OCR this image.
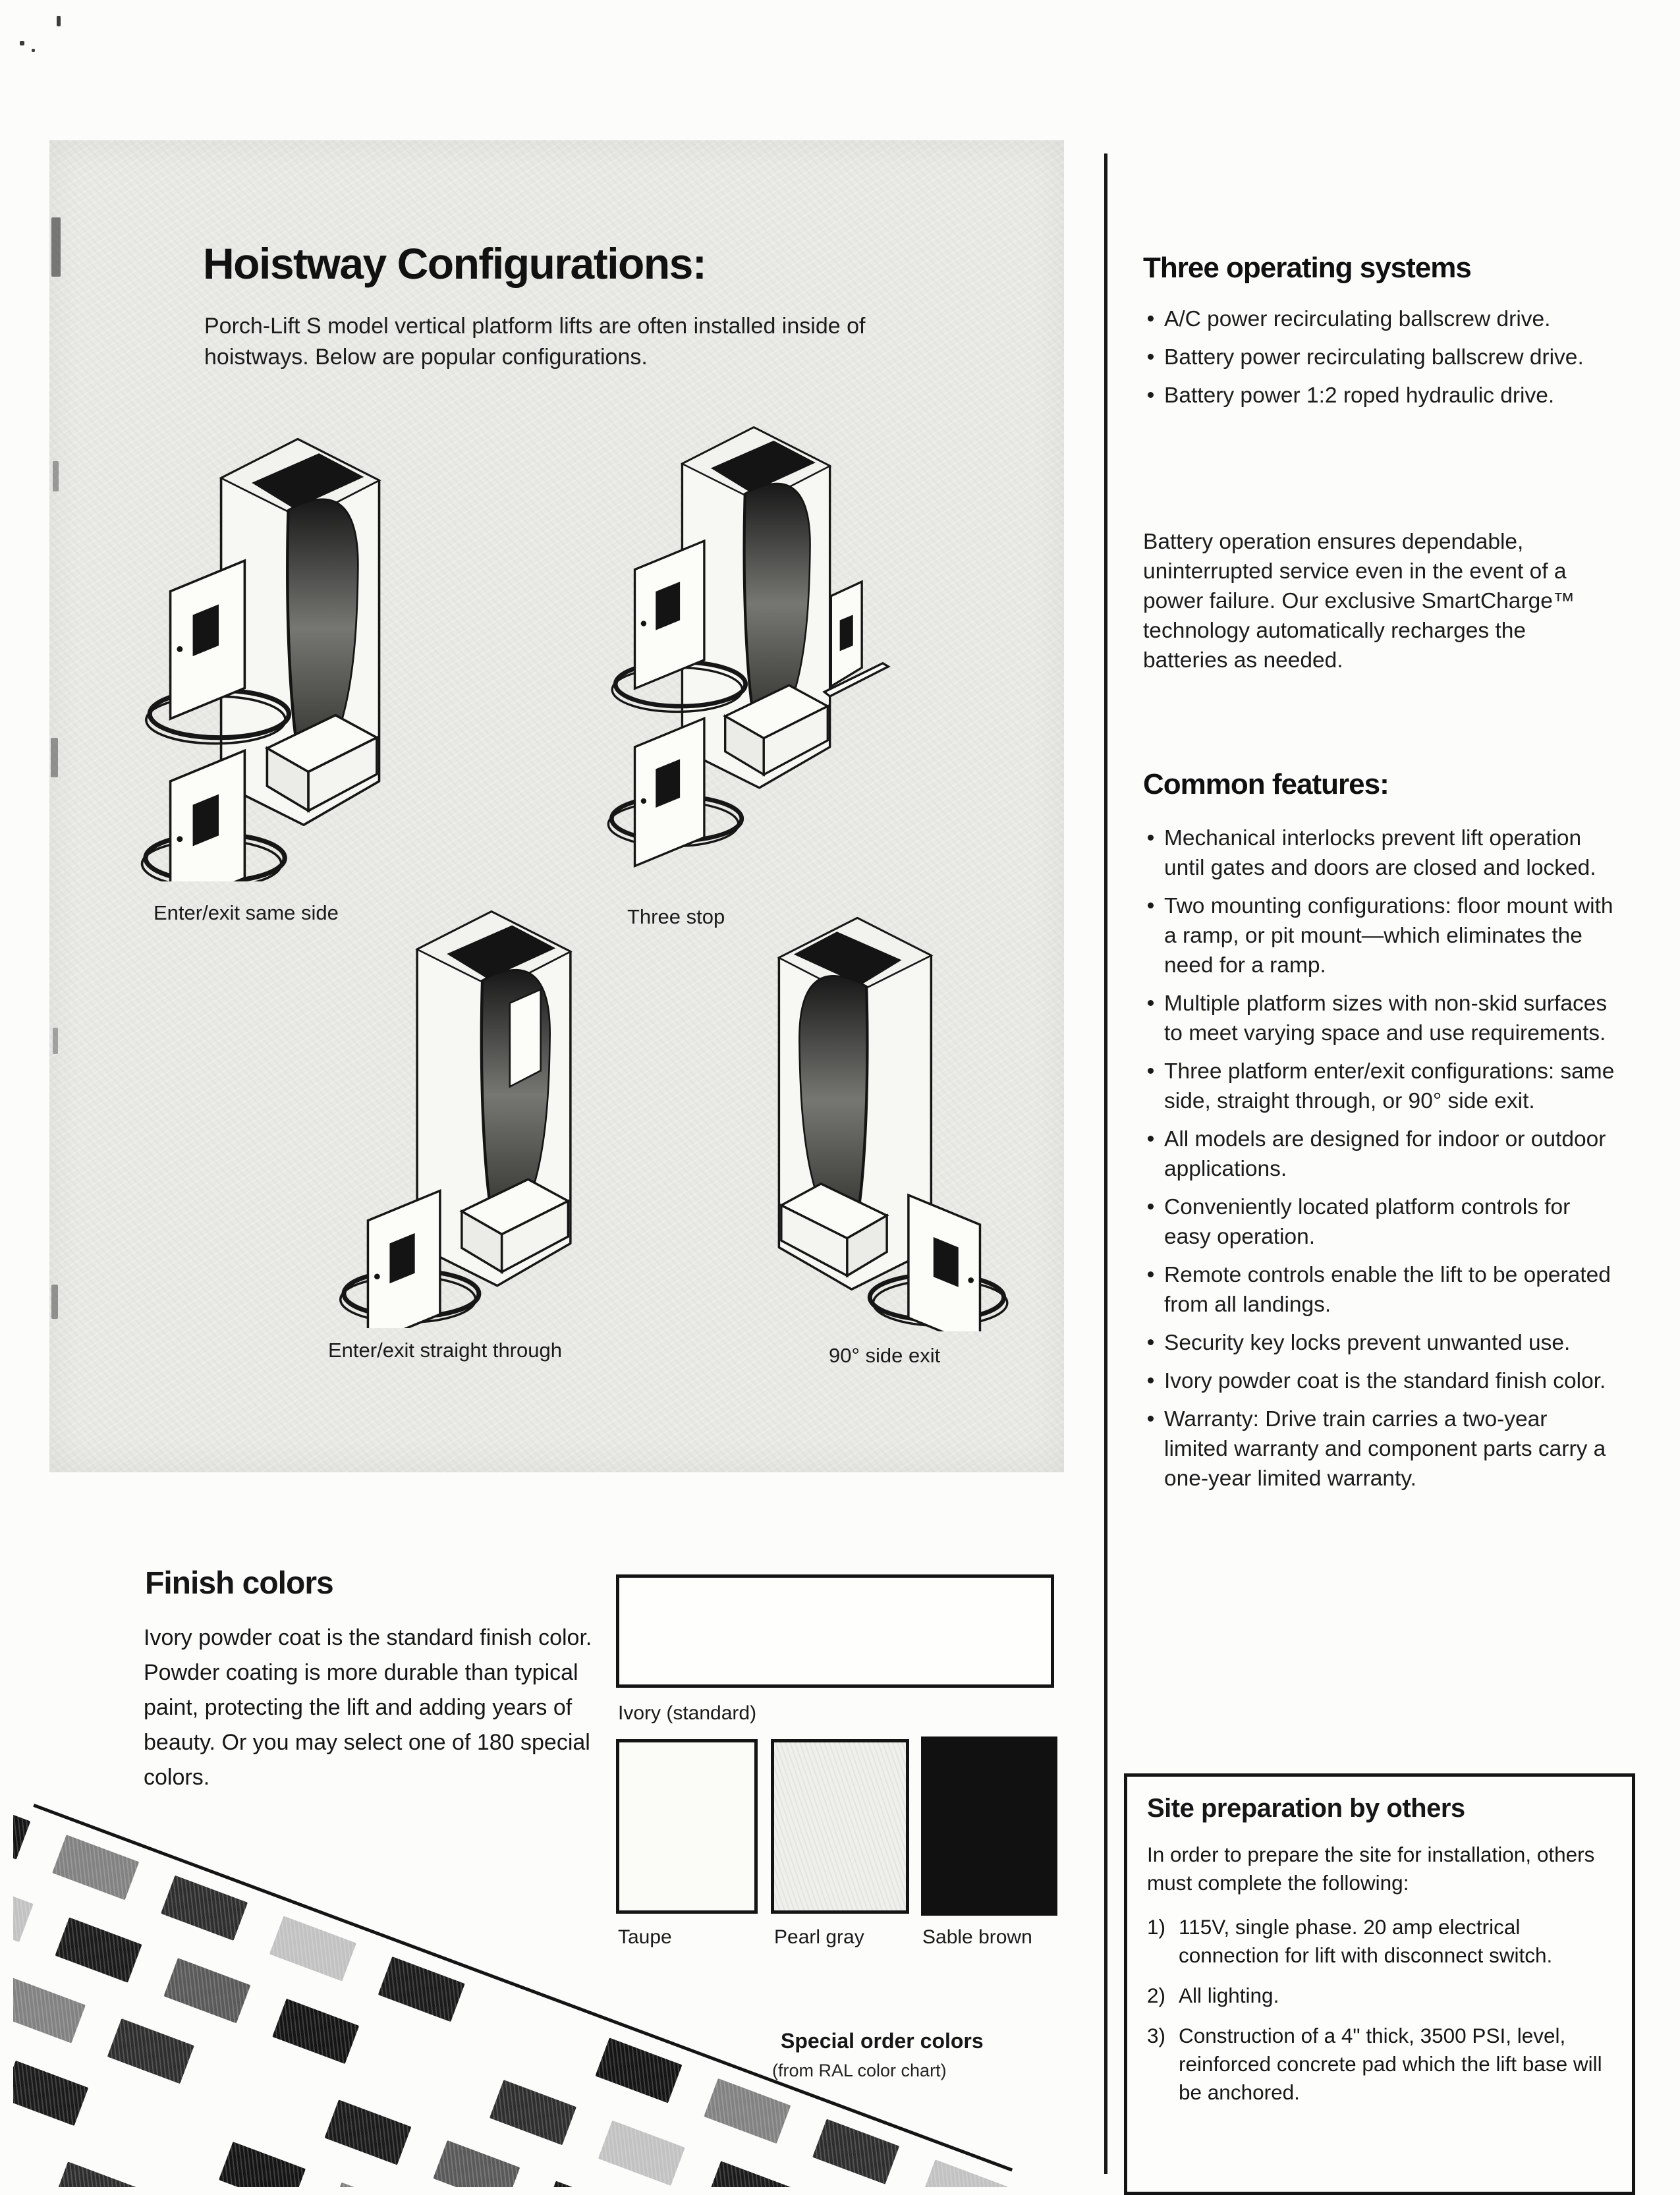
Hoistway Configurations:
Porch-Lift S model vertical platform lifts are often installed inside of hoistways. Below are popular configurations.
Enter/exit same side	Three stop
Enter/exit straight through	90° side exit
Three operating systems
A/C power recirculating ballscrew drive.
Battery power recirculating ballscrew drive.
Battery power 1:2 roped hydraulic drive.
Battery operation ensures dependable, uninterrupted service even in the event of a power failure. Our exclusive SmartCharge™ technology automatically recharges the batteries as needed.
Common features:
Mechanical interlocks prevent lift operation until gates and doors are closed and locked.
Two mounting configurations: floor mount with a ramp, or pit mount—which eliminates the need for a ramp.
Multiple platform sizes with non-skid surfaces to meet varying space and use requirements.
Three platform enter/exit configurations: same side, straight through, or 90° side exit.
All models are designed for indoor or outdoor applications.
Conveniently located platform controls for easy operation.
Remote controls enable the lift to be operated from all landings.
Security key locks prevent unwanted use.
Ivory powder coat is the standard finish color.
Warranty: Drive train carries a two-year limited warranty and component parts carry a one-year limited warranty.
Finish colors
Ivory powder coat is the standard finish color. Powder coating is more durable than typical paint, protecting the lift and adding years of beauty. Or you may select one of 180 special colors.
Ivory (standard)
Taupe	Pearl gray	Sable brown
Special order colors
(from RAL color chart)
Site preparation by others
In order to prepare the site for installation, others must complete the following:
1) 115V, single phase. 20 amp electrical connection for lift with disconnect switch.
2) All lighting.
3) Construction of a 4" thick, 3500 PSI, level, reinforced concrete pad which the lift base will be anchored.
